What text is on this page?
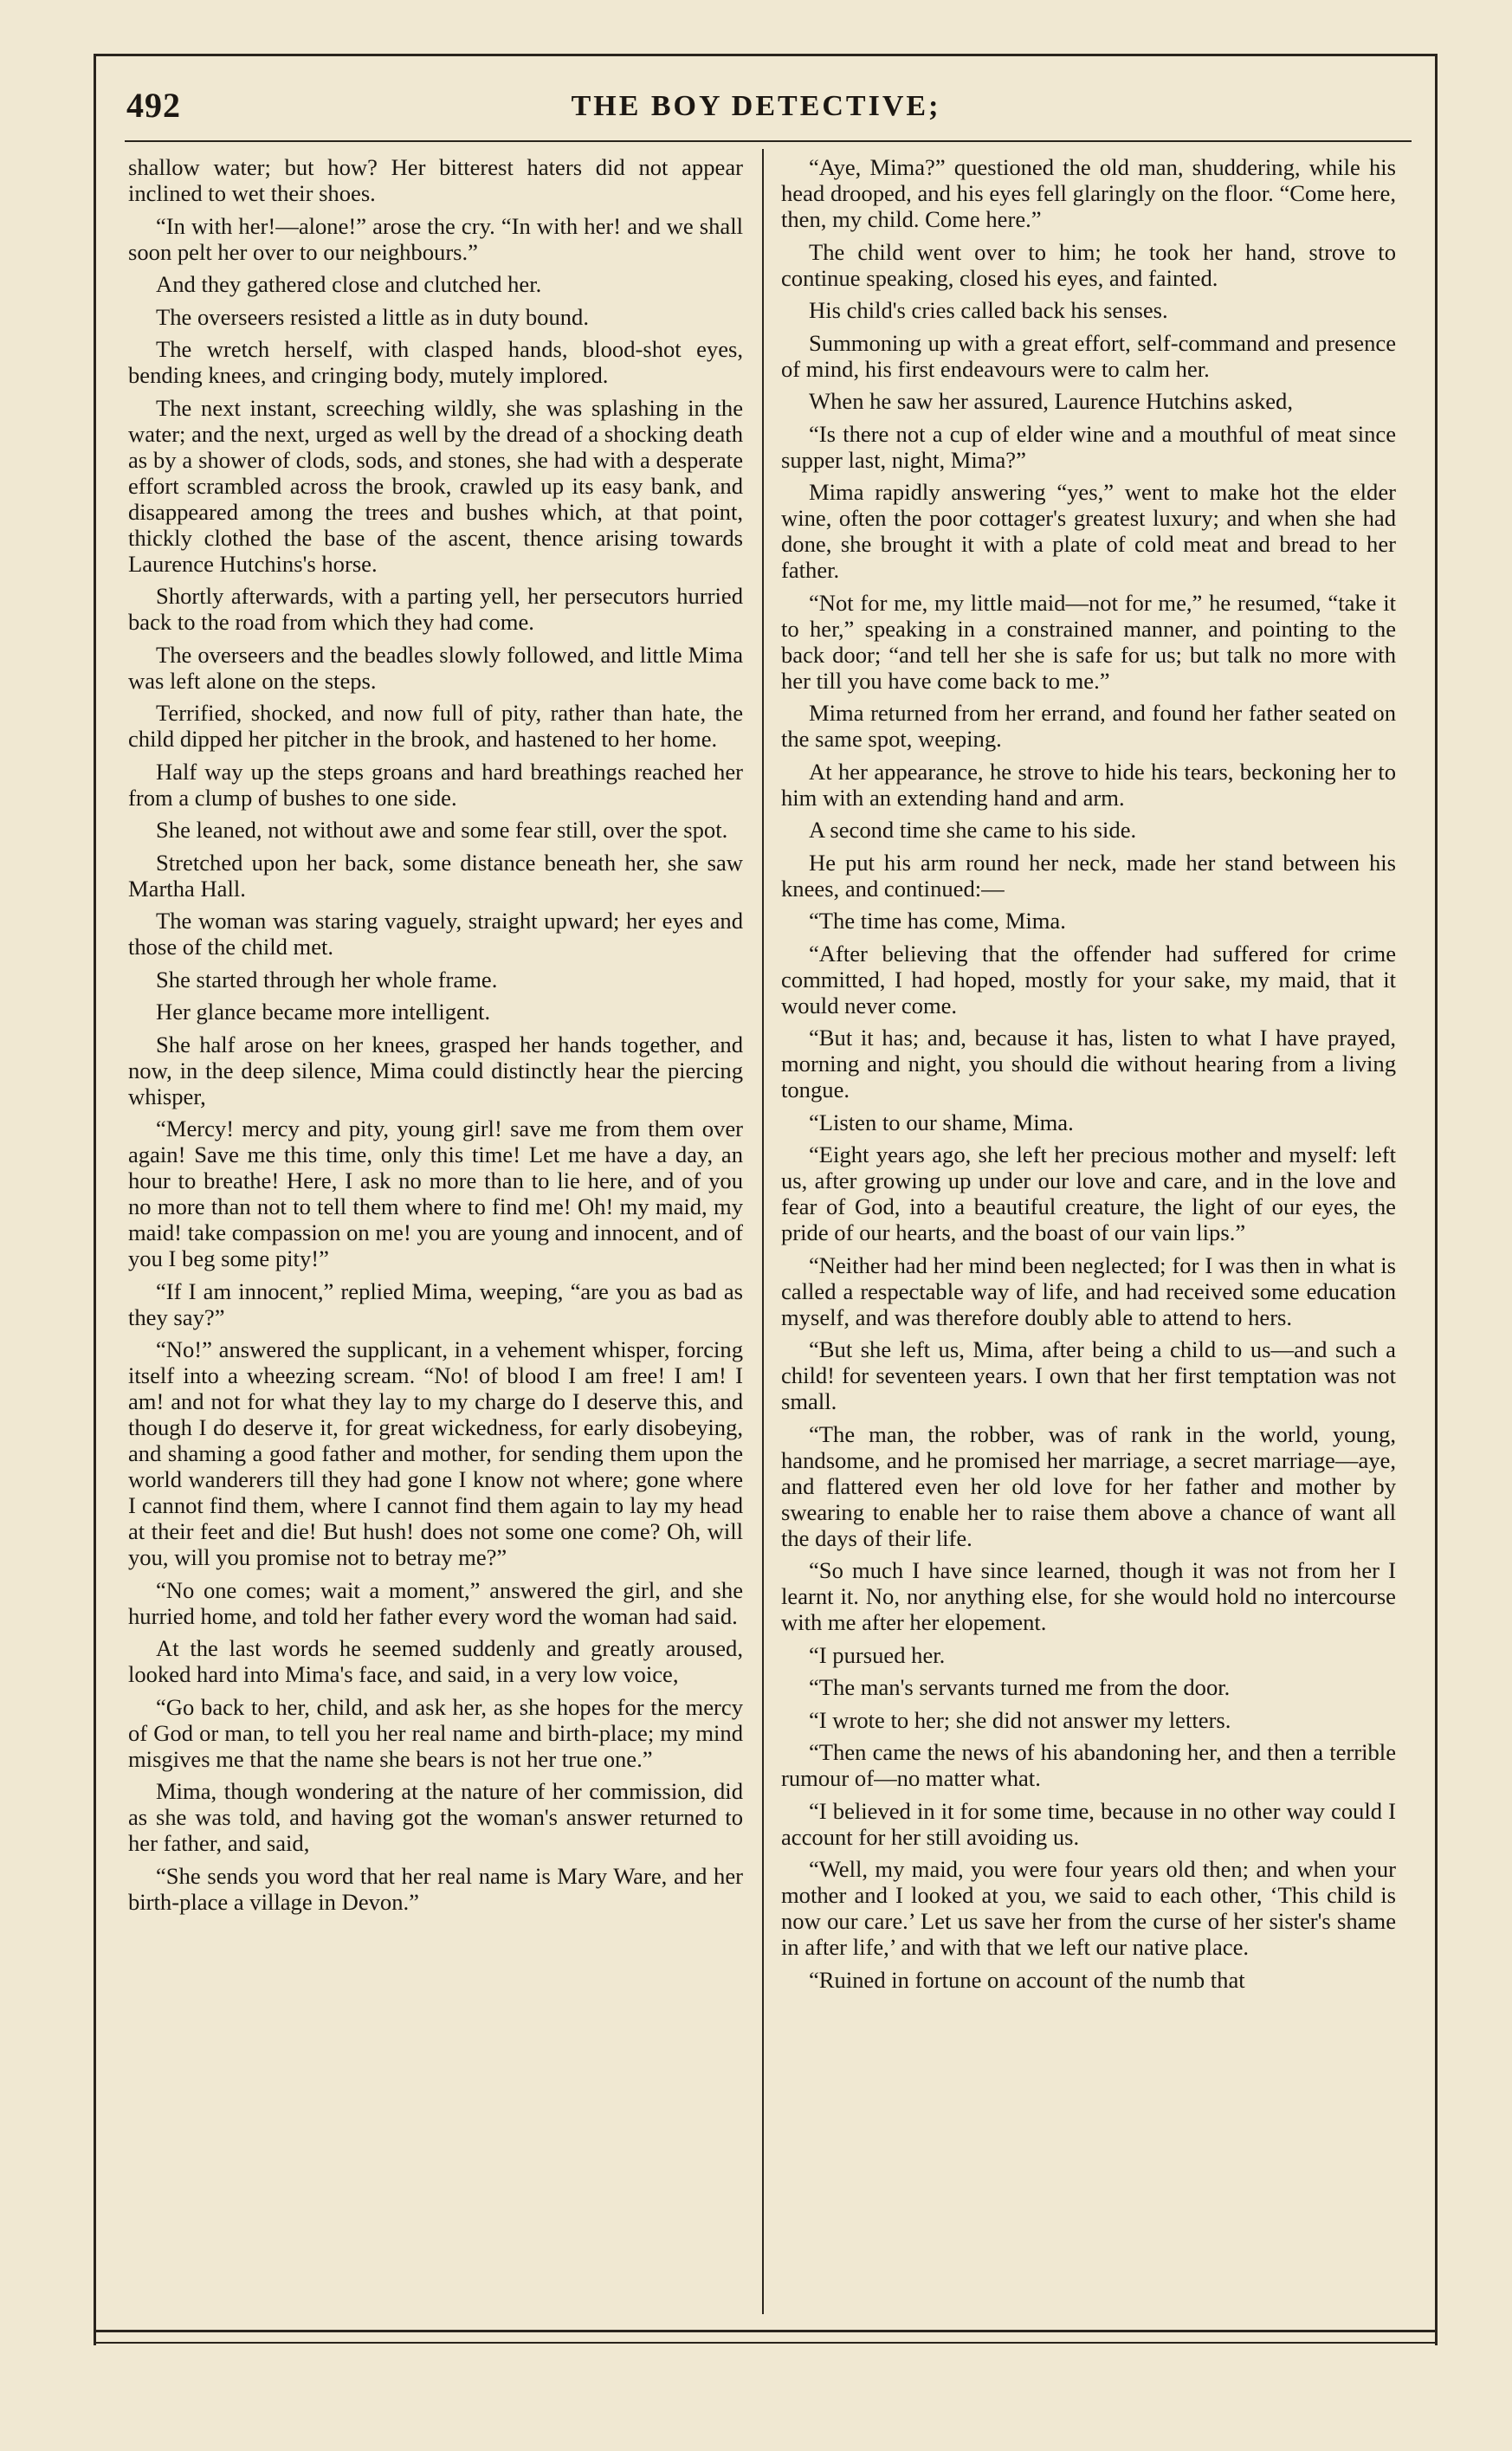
492	THE BOY DETECTIVE;

shallow water; but how? Her bitterest haters did not appear inclined to wet their shoes.

“In with her!—alone!” arose the cry. “In with her! and we shall soon pelt her over to our neighbours.”

And they gathered close and clutched her.

The overseers resisted a little as in duty bound.

The wretch herself, with clasped hands, blood-shot eyes, bending knees, and cringing body, mutely implored.

The next instant, screeching wildly, she was splashing in the water; and the next, urged as well by the dread of a shocking death as by a shower of clods, sods, and stones, she had with a desperate effort scrambled across the brook, crawled up its easy bank, and disappeared among the trees and bushes which, at that point, thickly clothed the base of the ascent, thence arising towards Laurence Hutchins's horse.

Shortly afterwards, with a parting yell, her persecutors hurried back to the road from which they had come.

The overseers and the beadles slowly followed, and little Mima was left alone on the steps.

Terrified, shocked, and now full of pity, rather than hate, the child dipped her pitcher in the brook, and hastened to her home.

Half way up the steps groans and hard breathings reached her from a clump of bushes to one side.

She leaned, not without awe and some fear still, over the spot.

Stretched upon her back, some distance beneath her, she saw Martha Hall.

The woman was staring vaguely, straight upward; her eyes and those of the child met.

She started through her whole frame.

Her glance became more intelligent.

She half arose on her knees, grasped her hands together, and now, in the deep silence, Mima could distinctly hear the piercing whisper,

“Mercy! mercy and pity, young girl! save me from them over again! Save me this time, only this time! Let me have a day, an hour to breathe! Here, I ask no more than to lie here, and of you no more than not to tell them where to find me! Oh! my maid, my maid! take compassion on me! you are young and innocent, and of you I beg some pity!”

“If I am innocent,” replied Mima, weeping, “are you as bad as they say?”

“No!” answered the supplicant, in a vehement whisper, forcing itself into a wheezing scream. “No! of blood I am free! I am! I am! and not for what they lay to my charge do I deserve this, and though I do deserve it, for great wickedness, for early disobeying, and shaming a good father and mother, for sending them upon the world wanderers till they had gone I know not where; gone where I cannot find them, where I cannot find them again to lay my head at their feet and die! But hush! does not some one come? Oh, will you, will you promise not to betray me?”

“No one comes; wait a moment,” answered the girl, and she hurried home, and told her father every word the woman had said.

At the last words he seemed suddenly and greatly aroused, looked hard into Mima's face, and said, in a very low voice,

“Go back to her, child, and ask her, as she hopes for the mercy of God or man, to tell you her real name and birth-place; my mind misgives me that the name she bears is not her true one.”

Mima, though wondering at the nature of her commission, did as she was told, and having got the woman's answer returned to her father, and said,

“She sends you word that her real name is Mary Ware, and her birth-place a village in Devon.”

“Aye, Mima?” questioned the old man, shuddering, while his head drooped, and his eyes fell glaringly on the floor. “Come here, then, my child. Come here.”

The child went over to him; he took her hand, strove to continue speaking, closed his eyes, and fainted.

His child's cries called back his senses.

Summoning up with a great effort, self-command and presence of mind, his first endeavours were to calm her.

When he saw her assured, Laurence Hutchins asked,

“Is there not a cup of elder wine and a mouthful of meat since supper last, night, Mima?”

Mima rapidly answering “yes,” went to make hot the elder wine, often the poor cottager's greatest luxury; and when she had done, she brought it with a plate of cold meat and bread to her father.

“Not for me, my little maid—not for me,” he resumed, “take it to her,” speaking in a constrained manner, and pointing to the back door; “and tell her she is safe for us; but talk no more with her till you have come back to me.”

Mima returned from her errand, and found her father seated on the same spot, weeping.

At her appearance, he strove to hide his tears, beckoning her to him with an extending hand and arm.

A second time she came to his side.

He put his arm round her neck, made her stand between his knees, and continued:—

“The time has come, Mima.

“After believing that the offender had suffered for crime committed, I had hoped, mostly for your sake, my maid, that it would never come.

“But it has; and, because it has, listen to what I have prayed, morning and night, you should die without hearing from a living tongue.

“Listen to our shame, Mima.

“Eight years ago, she left her precious mother and myself: left us, after growing up under our love and care, and in the love and fear of God, into a beautiful creature, the light of our eyes, the pride of our hearts, and the boast of our vain lips.”

“Neither had her mind been neglected; for I was then in what is called a respectable way of life, and had received some education myself, and was therefore doubly able to attend to hers.

“But she left us, Mima, after being a child to us—and such a child! for seventeen years. I own that her first temptation was not small.

“The man, the robber, was of rank in the world, young, handsome, and he promised her marriage, a secret marriage—aye, and flattered even her old love for her father and mother by swearing to enable her to raise them above a chance of want all the days of their life.

“So much I have since learned, though it was not from her I learnt it. No, nor anything else, for she would hold no intercourse with me after her elopement.

“I pursued her.

“The man's servants turned me from the door.

“I wrote to her; she did not answer my letters.

“Then came the news of his abandoning her, and then a terrible rumour of—no matter what.

“I believed in it for some time, because in no other way could I account for her still avoiding us.

“Well, my maid, you were four years old then; and when your mother and I looked at you, we said to each other, ‘This child is now our care.’ Let us save her from the curse of her sister's shame in after life,’ and with that we left our native place.

“Ruined in fortune on account of the numb that
